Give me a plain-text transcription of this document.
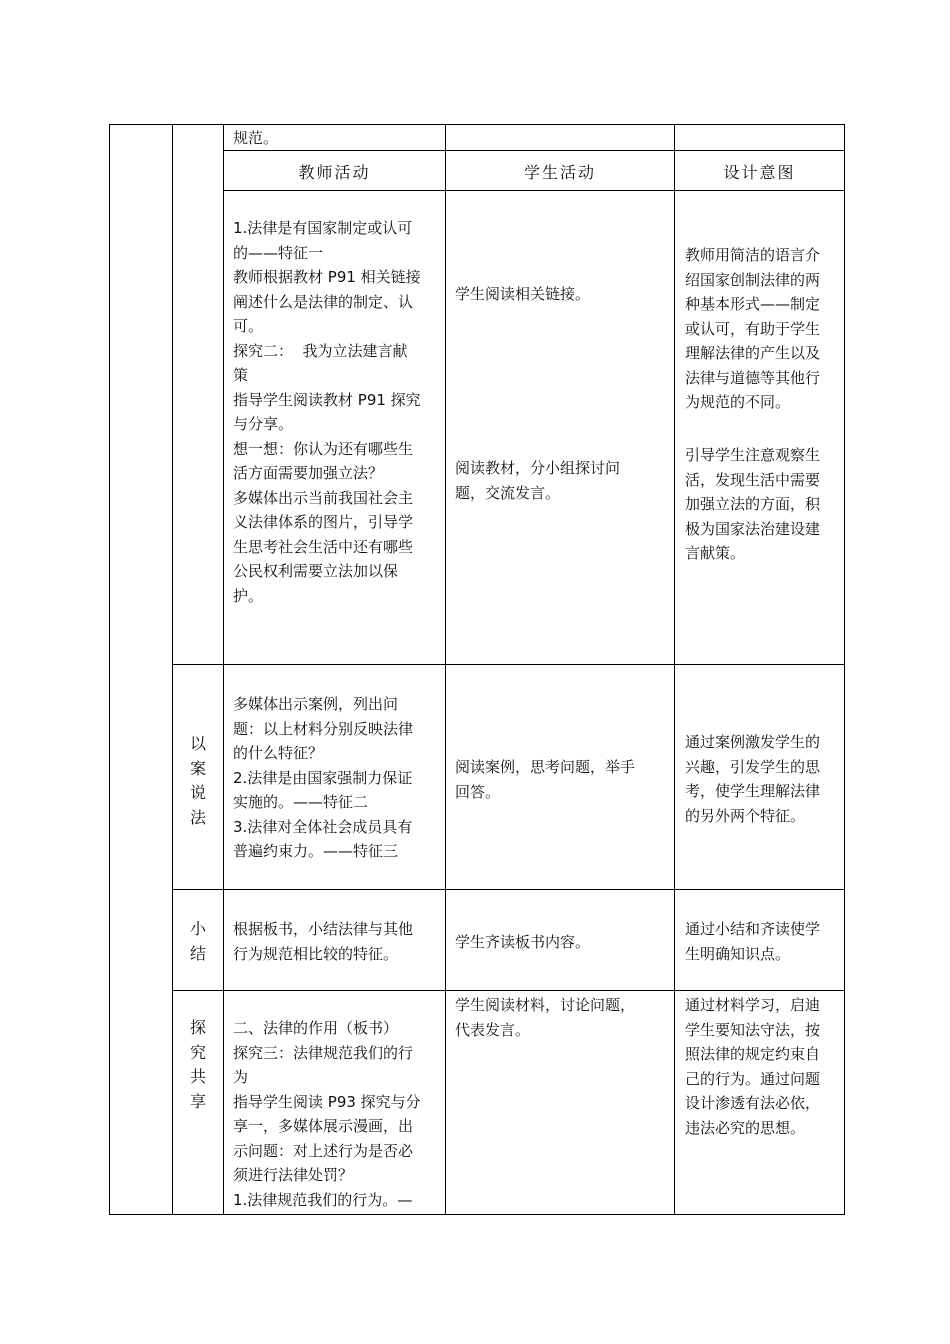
规范。
教师活动	学生活动	设计意图
1.法律是有国家制定或认可
的——特征一
教师根据教材 P91 相关链接
阐述什么是法律的制定、认
可。
探究二：  我为立法建言献
策
指导学生阅读教材 P91 探究
与分享。
想一想：你认为还有哪些生
活方面需要加强立法？
多媒体出示当前我国社会主
义法律体系的图片，引导学
生思考社会生活中还有哪些
公民权利需要立法加以保
护。
学生阅读相关链接。
阅读教材，分小组探讨问
题，交流发言。
教师用简洁的语言介
绍国家创制法律的两
种基本形式——制定
或认可，有助于学生
理解法律的产生以及
法律与道德等其他行
为规范的不同。
引导学生注意观察生
活，发现生活中需要
加强立法的方面，积
极为国家法治建设建
言献策。
以
案
说
法
多媒体出示案例，列出问
题：以上材料分别反映法律
的什么特征？
2.法律是由国家强制力保证
实施的。——特征二
3.法律对全体社会成员具有
普遍约束力。——特征三
阅读案例，思考问题，举手
回答。
通过案例激发学生的
兴趣，引发学生的思
考，使学生理解法律
的另外两个特征。
小
结
根据板书，小结法律与其他
行为规范相比较的特征。
学生齐读板书内容。
通过小结和齐读使学
生明确知识点。
探
究
共
享
二、法律的作用（板书）
探究三：法律规范我们的行
为
指导学生阅读 P93 探究与分
享一，多媒体展示漫画，出
示问题：对上述行为是否必
须进行法律处罚？
1.法律规范我们的行为。—
学生阅读材料，讨论问题，
代表发言。
通过材料学习，启迪
学生要知法守法，按
照法律的规定约束自
己的行为。通过问题
设计渗透有法必依，
违法必究的思想。
